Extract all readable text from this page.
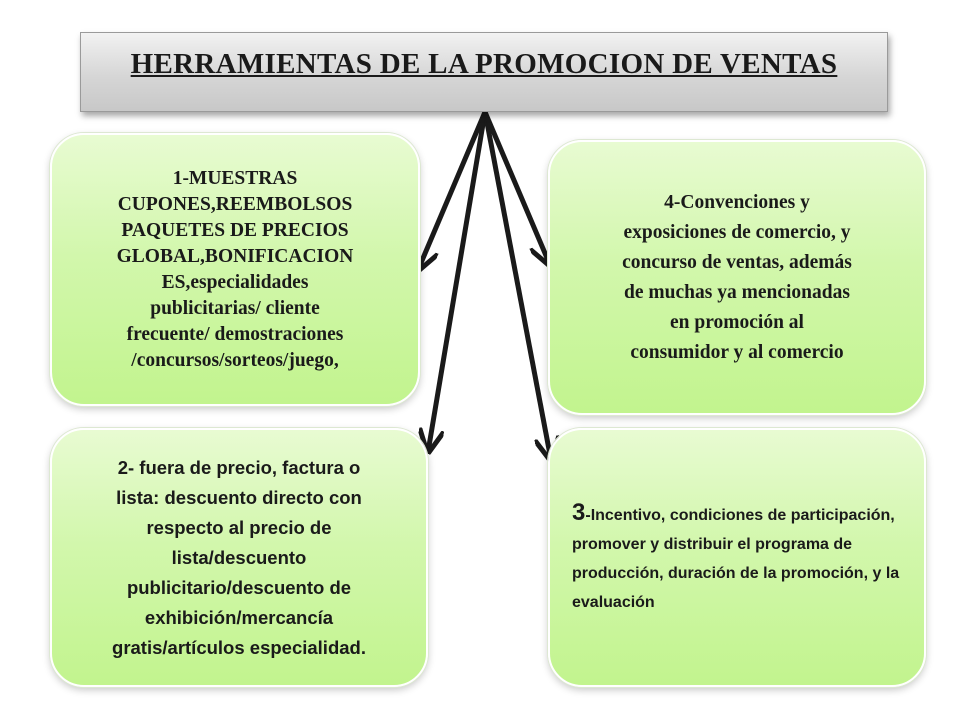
HERRAMIENTAS DE LA PROMOCION DE VENTAS

1-MUESTRAS
CUPONES,REEMBOLSOS
PAQUETES DE PRECIOS
GLOBAL,BONIFICACION
ES,especialidades
publicitarias/ cliente
frecuente/ demostraciones
/concursos/sorteos/juego,

4-Convenciones y
exposiciones de comercio, y
concurso de ventas, además
de muchas ya mencionadas
en promoción al
consumidor y al comercio

2- fuera de precio, factura o
lista: descuento directo con
respecto al precio de
lista/descuento
publicitario/descuento de
exhibición/mercancía
gratis/artículos especialidad.

3-Incentivo, condiciones de participación, promover y distribuir el programa de producción, duración de la promoción, y la evaluación
